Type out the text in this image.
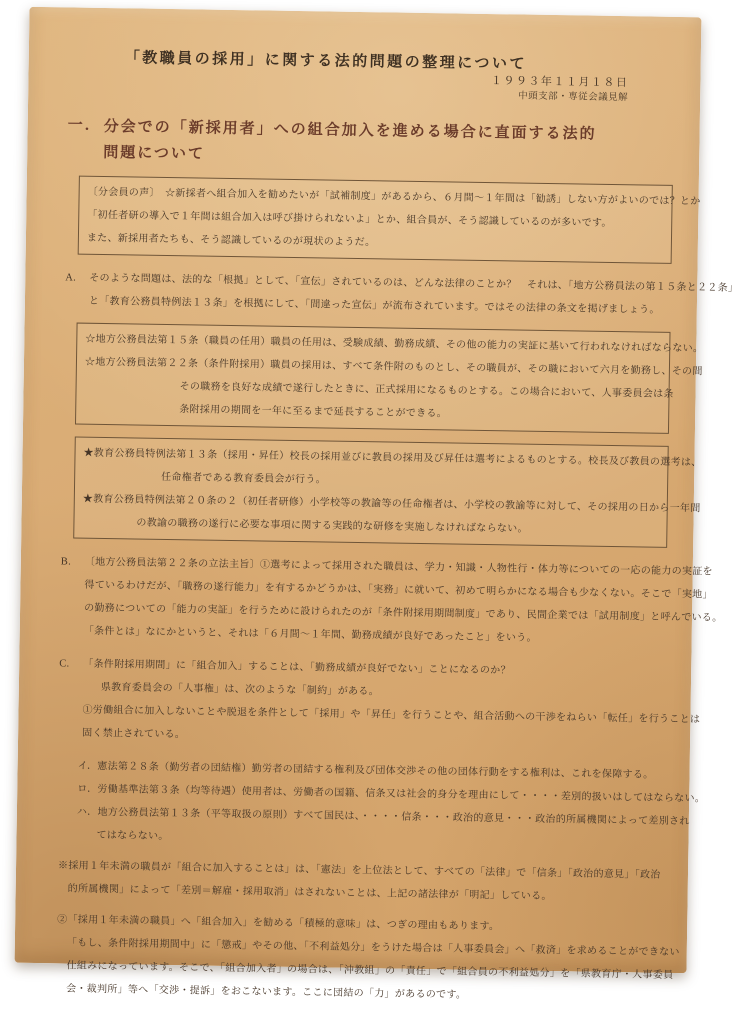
「教職員の採用」に関する法的問題の整理について
１９９３年１１月１８日
中頭支部・専従会議見解
一． 分会での「新採用者」への組合加入を進める場合に直面する法的
問題について
〔分会員の声〕　☆新採者へ組合加入を勧めたいが「試補制度」があるから、６月間～１年間は「勧誘」しない方がよいのでは？とか
「初任者研の導入で１年間は組合加入は呼び掛けられないよ」とか、組合員が、そう認識しているのが多いです。
また、新採用者たちも、そう認識しているのが現状のようだ。
A.	そのような問題は、法的な「根拠」として、「宣伝」されているのは、どんな法律のことか？　それは、「地方公務員法の第１５条と２２条」
と「教育公務員特例法１３条」を根拠にして、「間違った宣伝」が流布されています。ではその法律の条文を掲げましょう。
☆地方公務員法第１５条（職員の任用）職員の任用は、受験成績、勤務成績、その他の能力の実証に基いて行われなければならない。
☆地方公務員法第２２条（条件附採用）職員の採用は、すべて条件附のものとし、その職員が、その職において六月を勤務し、その間
その職務を良好な成績で遂行したときに、正式採用になるものとする。この場合において、人事委員会は条
条附採用の期間を一年に至るまで延長することができる。
★教育公務員特例法第１３条（採用・昇任）校長の採用並びに教員の採用及び昇任は選考によるものとする。校長及び教員の選考は、
任命権者である教育委員会が行う。
★教育公務員特例法第２０条の２（初任者研修）小学校等の教諭等の任命権者は、小学校の教諭等に対して、その採用の日から一年間
の教諭の職務の遂行に必要な事項に関する実践的な研修を実施しなければならない。
B.	〔地方公務員法第２２条の立法主旨〕①選考によって採用された職員は、学力・知識・人物性行・体力等についての一応の能力の実証を
得ているわけだが、「職務の遂行能力」を有するかどうかは、「実務」に就いて、初めて明らかになる場合も少なくない。そこで「実地」
の勤務についての「能力の実証」を行うために設けられたのが「条件附採用期間制度」であり、民間企業では「試用制度」と呼んでいる。
「条件とは」なにかというと、それは「６月間～１年間、勤務成績が良好であったこと」をいう。
C.	「条件附採用期間」に「組合加入」することは、「勤務成績が良好でない」ことになるのか？
県教育委員会の「人事権」は、次のような「制約」がある。
①労働組合に加入しないことや脱退を条件として「採用」や「昇任」を行うことや、組合活動への干渉をねらい「転任」を行うことは
固く禁止されている。
イ．憲法第２８条（勤労者の団結権）勤労者の団結する権利及び団体交渉その他の団体行動をする権利は、これを保障する。
ロ．労働基準法第３条（均等待遇）使用者は、労働者の国籍、信条又は社会的身分を理由にして・・・・差別的扱いはしてはならない。
ハ．地方公務員法第１３条（平等取扱の原則）すべて国民は、・・・・信条・・・政治的意見・・・政治的所属機関によって差別され
てはならない。
※採用１年未満の職員が「組合に加入することは」は、「憲法」を上位法として、すべての「法律」で「信条」「政治的意見」「政治
的所属機関」によって「差別＝解雇・採用取消」はされないことは、上記の諸法律が「明記」している。
②「採用１年未満の職員」へ「組合加入」を勧める「積極的意味」は、つぎの理由もあります。
「もし、条件附採用期間中」に「懲戒」やその他、「不利益処分」をうけた場合は「人事委員会」へ「救済」を求めることができない
仕組みになっています。そこで、「組合加入者」の場合は、「沖教組」の「責任」で「組合員の不利益処分」を「県教育庁・人事委員
会・裁判所」等へ「交渉・提訴」をおこないます。ここに団結の「力」があるのです。
